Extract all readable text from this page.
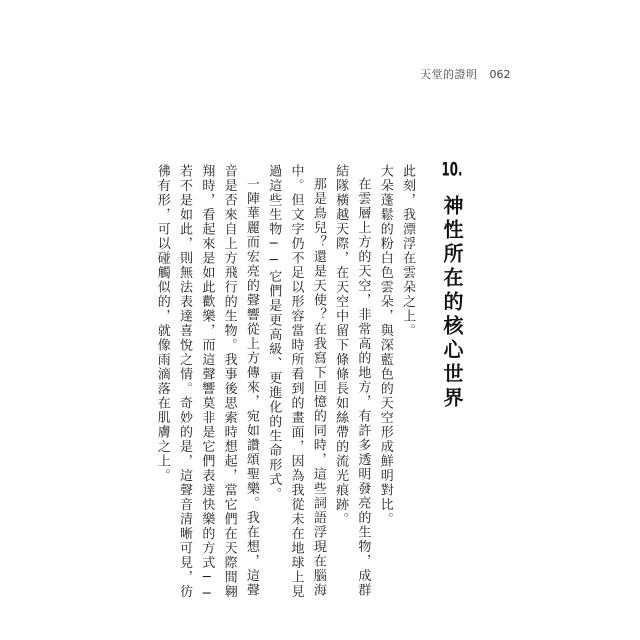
天堂的證明 062
10. 神性所在的核心世界

此刻，我漂浮在雲朵之上。

大朵蓬鬆的粉白色雲朵，與深藍色的天空形成鮮明對比。

在雲層上方的天空，非常高的地方，有許多透明發亮的生物，成群結隊橫越天際，在天空中留下條條長如絲帶的流光痕跡。

那是鳥兒？還是天使？在我寫下回憶的同時，這些詞語浮現在腦海中。但文字仍不足以形容當時所看到的畫面，因為我從未在地球上見過這些生物──它們是更高級、更進化的生命形式。

一陣華麗而宏亮的聲響從上方傳來，宛如讚頌聖樂。我在想，這聲音是否來自上方飛行的生物。我事後思索時想起，當它們在天際間翱翔時，看起來是如此歡樂，而這聲響莫非是它們表達快樂的方式──若不是如此，則無法表達喜悅之情。奇妙的是，這聲音清晰可見，彷彿有形，可以碰觸似的，就像雨滴落在肌膚之上。
